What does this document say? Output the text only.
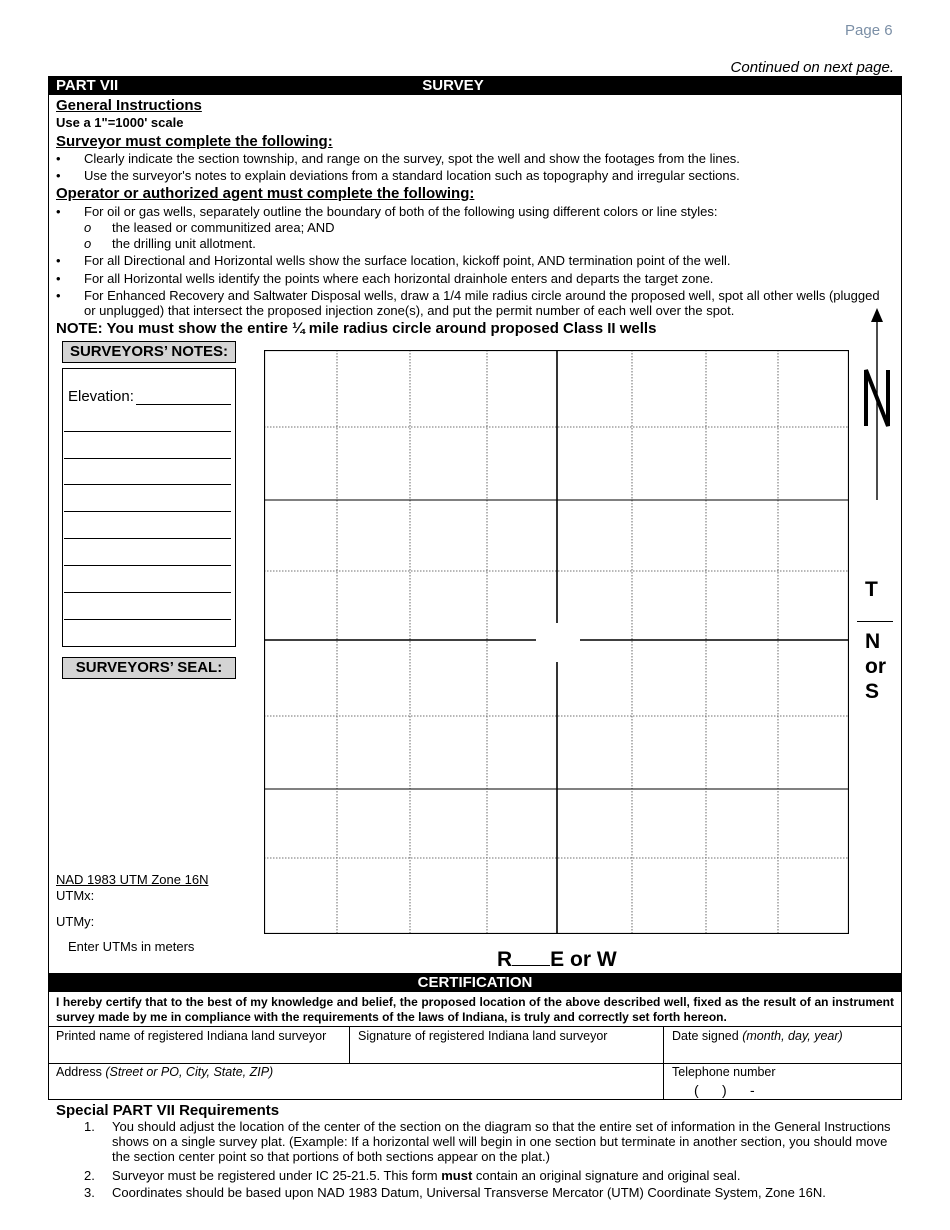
Page 6
Continued on next page.
PART VII	SURVEY
General Instructions
Use a 1"=1000' scale
Surveyor must complete the following:
• Clearly indicate the section township, and range on the survey, spot the well and show the footages from the lines.
• Use the surveyor's notes to explain deviations from a standard location such as topography and irregular sections.
Operator or authorized agent must complete the following:
• For oil or gas wells, separately outline the boundary of both of the following using different colors or line styles:
o the leased or communitized area; AND
o the drilling unit allotment.
• For all Directional and Horizontal wells show the surface location, kickoff point, AND termination point of the well.
• For all Horizontal wells identify the points where each horizontal drainhole enters and departs the target zone.
• For Enhanced Recovery and Saltwater Disposal wells, draw a 1/4 mile radius circle around the proposed well, spot all other wells (plugged or unplugged) that intersect the proposed injection zone(s), and put the permit number of each well over the spot.
NOTE: You must show the entire ¼ mile radius circle around proposed Class II wells
SURVEYORS’ NOTES:
Elevation:
SURVEYORS’ SEAL:
T
N
or
S
NAD 1983 UTM Zone 16N
UTMx:
UTMy:
Enter UTMs in meters
R E or W
CERTIFICATION
I hereby certify that to the best of my knowledge and belief, the proposed location of the above described well, fixed as the result of an instrument survey made by me in compliance with the requirements of the laws of Indiana, is truly and correctly set forth hereon.
Printed name of registered Indiana land surveyor	Signature of registered Indiana land surveyor	Date signed (month, day, year)
Address (Street or PO, City, State, ZIP)	Telephone number
(      )      -
Special PART VII Requirements
1. You should adjust the location of the center of the section on the diagram so that the entire set of information in the General Instructions shows on a single survey plat. (Example: If a horizontal well will begin in one section but terminate in another section, you should move the section center point so that portions of both sections appear on the plat.)
2. Surveyor must be registered under IC 25-21.5. This form must contain an original signature and original seal.
3. Coordinates should be based upon NAD 1983 Datum, Universal Transverse Mercator (UTM) Coordinate System, Zone 16N.
